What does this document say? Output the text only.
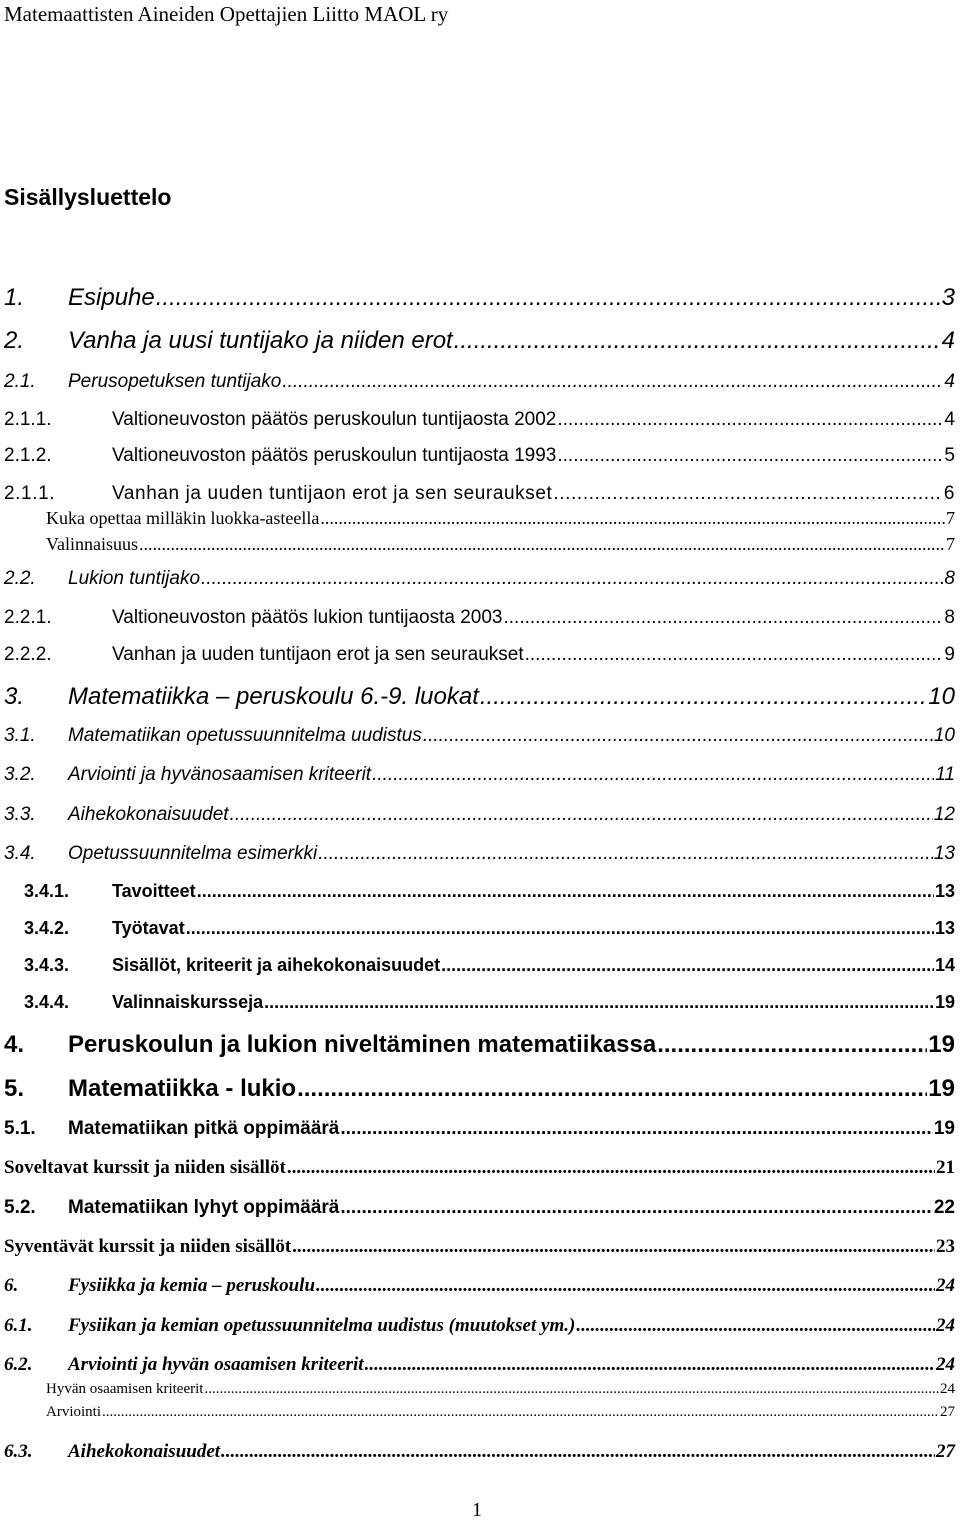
Matemaattisten Aineiden Opettajien Liitto MAOL ry
Sisällysluettelo
1.	Esipuhe .....	3
2.	Vanha ja uusi tuntijako ja niiden erot .....	4
2.1.	Perusopetuksen tuntijako .....	4
2.1.1.	Valtioneuvoston päätös peruskoulun tuntijaosta 2002 .....	4
2.1.2.	Valtioneuvoston päätös peruskoulun tuntijaosta 1993 .....	5
2.1.1.	Vanhan ja uuden tuntijaon erot ja sen seuraukset .....	6
Kuka opettaa milläkin luokka-asteella .....	7
Valinnaisuus .....	7
2.2.	Lukion tuntijako .....	8
2.2.1.	Valtioneuvoston päätös lukion tuntijaosta 2003 .....	8
2.2.2.	Vanhan ja uuden tuntijaon erot ja sen seuraukset .....	9
3.	Matematiikka – peruskoulu 6.-9. luokat .....	10
3.1.	Matematiikan opetussuunnitelma uudistus .....	10
3.2.	Arviointi ja hyvänosaamisen kriteerit .....	11
3.3.	Aihekokonaisuudet .....	12
3.4.	Opetussuunnitelma esimerkki .....	13
3.4.1.	Tavoitteet .....	13
3.4.2.	Työtavat .....	13
3.4.3.	Sisällöt, kriteerit ja aihekokonaisuudet .....	14
3.4.4.	Valinnaiskursseja .....	19
4.	Peruskoulun ja lukion niveltäminen matematiikassa .....	19
5.	Matematiikka - lukio .....	19
5.1.	Matematiikan pitkä oppimäärä .....	19
Soveltavat kurssit ja niiden sisällöt .....	21
5.2.	Matematiikan lyhyt oppimäärä .....	22
Syventävät kurssit ja niiden sisällöt .....	23
6.	Fysiikka ja kemia – peruskoulu .....	24
6.1.	Fysiikan ja kemian opetussuunnitelma uudistus (muutokset ym.) .....	24
6.2.	Arviointi ja hyvän osaamisen kriteerit .....	24
Hyvän osaamisen kriteerit .....	24
Arviointi .....	27
6.3.	Aihekokonaisuudet .....	27
1
